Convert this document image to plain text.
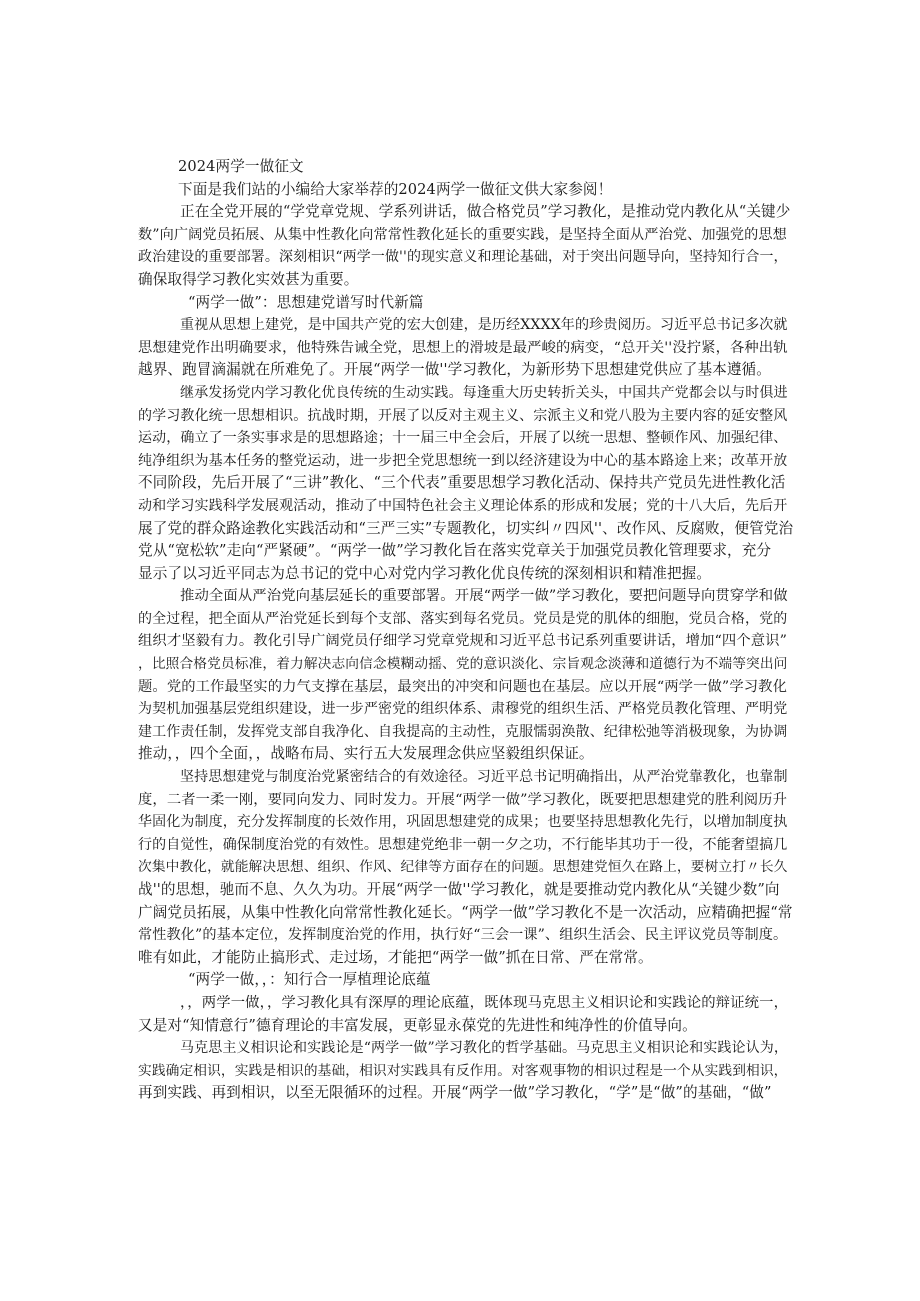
2024两学一做征文
下面是我们站的小编给大家举荐的2024两学一做征文供大家参阅！
正在全党开展的“学党章党规、学系列讲话，做合格党员”学习教化，是推动党内教化从“关键少
数”向广阔党员拓展、从集中性教化向常常性教化延长的重要实践，是坚持全面从严治党、加强党的思想
政治建设的重要部署。深刻相识“两学一做''的现实意义和理论基础，对于突出问题导向，坚持知行合一，
确保取得学习教化实效甚为重要。
“两学一做”：思想建党谱写时代新篇
重视从思想上建党，是中国共产党的宏大创建，是历经XXXX年的珍贵阅历。习近平总书记多次就
思想建党作出明确要求，他特殊告诫全党，思想上的滑坡是最严峻的病变，“总开关''没拧紧，各种出轨
越界、跑冒滴漏就在所难免了。开展“两学一做''学习教化，为新形势下思想建党供应了基本遵循。
继承发扬党内学习教化优良传统的生动实践。每逢重大历史转折关头，中国共产党都会以与时俱进
的学习教化统一思想相识。抗战时期，开展了以反对主观主义、宗派主义和党八股为主要内容的延安整风
运动，确立了一条实事求是的思想路途；十一届三中全会后，开展了以统一思想、整顿作风、加强纪律、
纯净组织为基本任务的整党运动，进一步把全党思想统一到以经济建设为中心的基本路途上来；改革开放
不同阶段，先后开展了“三讲”教化、“三个代表”重要思想学习教化活动、保持共产党员先进性教化活
动和学习实践科学发展观活动，推动了中国特色社会主义理论体系的形成和发展；党的十八大后，先后开
展了党的群众路途教化实践活动和“三严三实”专题教化，切实纠〃四风''、改作风、反腐败，便管党治
党从“宽松软”走向“严紧硬”。“两学一做”学习教化旨在落实党章关于加强党员教化管理要求，充分
显示了以习近平同志为总书记的党中心对党内学习教化优良传统的深刻相识和精准把握。
推动全面从严治党向基层延长的重要部署。开展“两学一做”学习教化，要把问题导向贯穿学和做
的全过程，把全面从严治党延长到每个支部、落实到每名党员。党员是党的肌体的细胞，党员合格，党的
组织才坚毅有力。教化引导广阔党员仔细学习党章党规和习近平总书记系列重要讲话，增加“四个意识”
，比照合格党员标准，着力解决志向信念模糊动摇、党的意识淡化、宗旨观念淡薄和道德行为不端等突出问
题。党的工作最坚实的力气支撑在基层，最突出的冲突和问题也在基层。应以开展“两学一做”学习教化
为契机加强基层党组织建设，进一步严密党的组织体系、肃穆党的组织生活、严格党员教化管理、严明党
建工作责任制，发挥党支部自我净化、自我提高的主动性，克服懦弱涣散、纪律松弛等消极现象，为协调
推动，，四个全面，，战略布局、实行五大发展理念供应坚毅组织保证。
坚持思想建党与制度治党紧密结合的有效途径。习近平总书记明确指出，从严治党靠教化，也靠制
度，二者一柔一刚，要同向发力、同时发力。开展“两学一做”学习教化，既要把思想建党的胜利阅历升
华固化为制度，充分发挥制度的长效作用，巩固思想建党的成果；也要坚持思想教化先行，以增加制度执
行的自觉性，确保制度治党的有效性。思想建党绝非一朝一夕之功，不行能毕其功于一役，不能奢望搞几
次集中教化，就能解决思想、组织、作风、纪律等方面存在的问题。思想建党恒久在路上，要树立打〃长久
战''的思想，驰而不息、久久为功。开展“两学一做''学习教化，就是要推动党内教化从“关键少数”向
广阔党员拓展，从集中性教化向常常性教化延长。“两学一做”学习教化不是一次活动，应精确把握“常
常性教化”的基本定位，发挥制度治党的作用，执行好“三会一课”、组织生活会、民主评议党员等制度。
唯有如此，才能防止搞形式、走过场，才能把“两学一做”抓在日常、严在常常。
“两学一做，，：知行合一厚植理论底蕴
，，两学一做，，学习教化具有深厚的理论底蕴，既体现马克思主义相识论和实践论的辩证统一，
又是对“知情意行”德育理论的丰富发展，更彰显永葆党的先进性和纯净性的价值导向。
马克思主义相识论和实践论是“两学一做”学习教化的哲学基础。马克思主义相识论和实践论认为，
实践确定相识，实践是相识的基础，相识对实践具有反作用。对客观事物的相识过程是一个从实践到相识，
再到实践、再到相识，以至无限循环的过程。开展“两学一做”学习教化，“学”是“做”的基础，“做”
